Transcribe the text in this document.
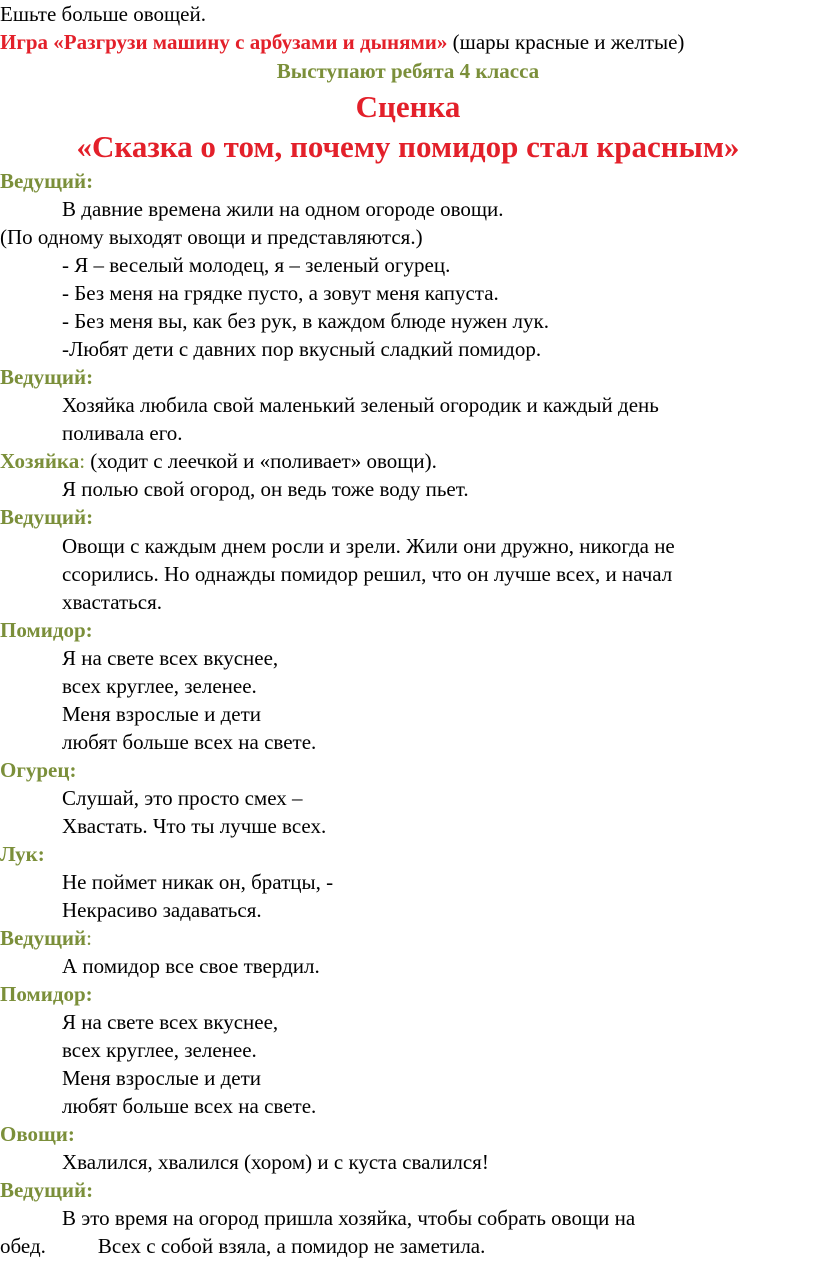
Ешьте больше овощей.
Игра «Разгрузи машину с арбузами и дынями» (шары красные и желтые)
Выступают ребята 4 класса
Сценка
«Сказка о том, почему помидор стал красным»
Ведущий:
В давние времена жили на одном огороде овощи.
(По одному выходят овощи и представляются.)
- Я – веселый молодец, я – зеленый огурец.
- Без меня на грядке пусто, а зовут меня капуста.
- Без меня вы, как без рук, в каждом блюде нужен лук.
-Любят дети с давних пор вкусный сладкий помидор.
Ведущий:
Хозяйка любила свой маленький зеленый огородик и каждый день
поливала его.
Хозяйка: (ходит с леечкой и «поливает» овощи).
Я полью свой огород, он ведь тоже воду пьет.
Ведущий:
Овощи с каждым днем росли и зрели. Жили они дружно, никогда не
ссорились. Но однажды помидор решил, что он лучше всех, и начал
хвастаться.
Помидор:
Я на свете всех вкуснее,
всех круглее, зеленее.
Меня взрослые и дети
любят больше всех на свете.
Огурец:
Слушай, это просто смех –
Хвастать. Что ты лучше всех.
Лук:
Не поймет никак он, братцы, -
Некрасиво задаваться.
Ведущий:
А помидор все свое твердил.
Помидор:
Я на свете всех вкуснее,
всех круглее, зеленее.
Меня взрослые и дети
любят больше всех на свете.
Овощи:
Хвалился, хвалился (хором) и с куста свалился!
Ведущий:
В это время на огород пришла хозяйка, чтобы собрать овощи на
обед. Всех с собой взяла, а помидор не заметила.
